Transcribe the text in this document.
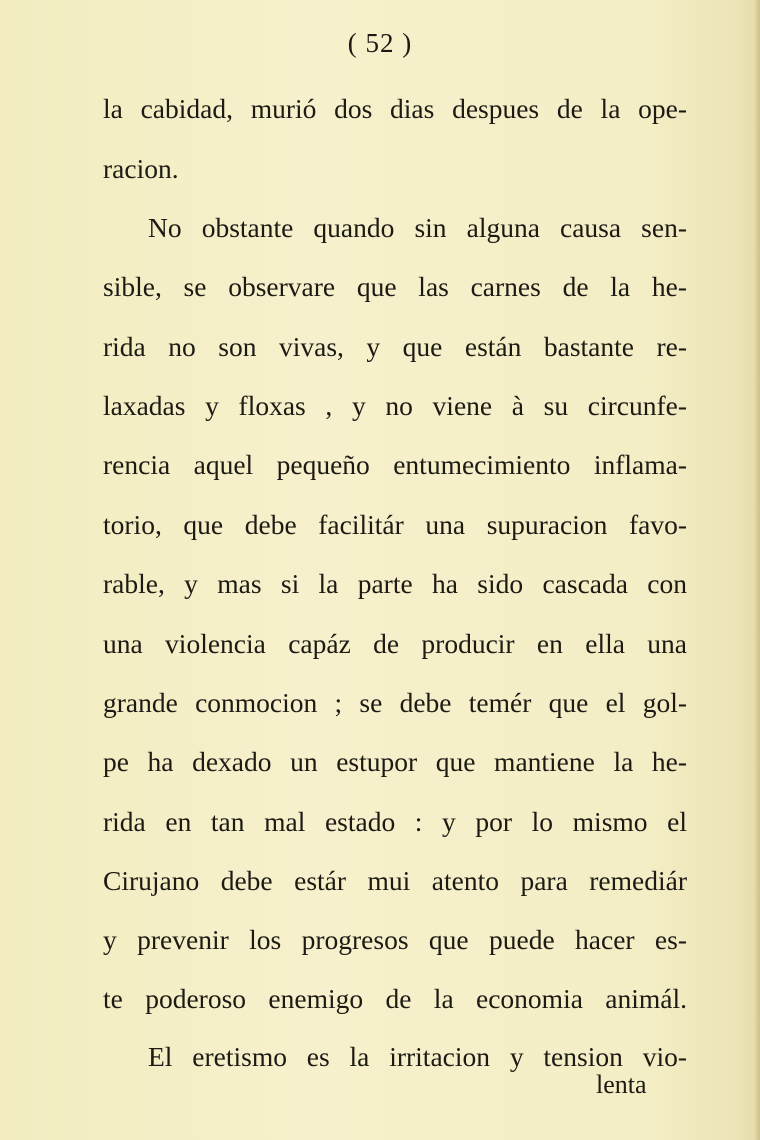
( 52 )
la cabidad, murió dos dias despues de la ope-
racion.
No obstante quando sin alguna causa sen-
sible, se observare que las carnes de la he-
rida no son vivas, y que están bastante re-
laxadas y floxas , y no viene à su circunfe-
rencia aquel pequeño entumecimiento inflama-
torio, que debe facilitár una supuracion favo-
rable, y mas si la parte ha sido cascada con
una violencia capáz de producir en ella una
grande conmocion ; se debe temér que el gol-
pe ha dexado un estupor que mantiene la he-
rida en tan mal estado : y por lo mismo el
Cirujano debe estár mui atento para remediár
y prevenir los progresos que puede hacer es-
te poderoso enemigo de la economia animál.
El eretismo es la irritacion y tension vio-
lenta
